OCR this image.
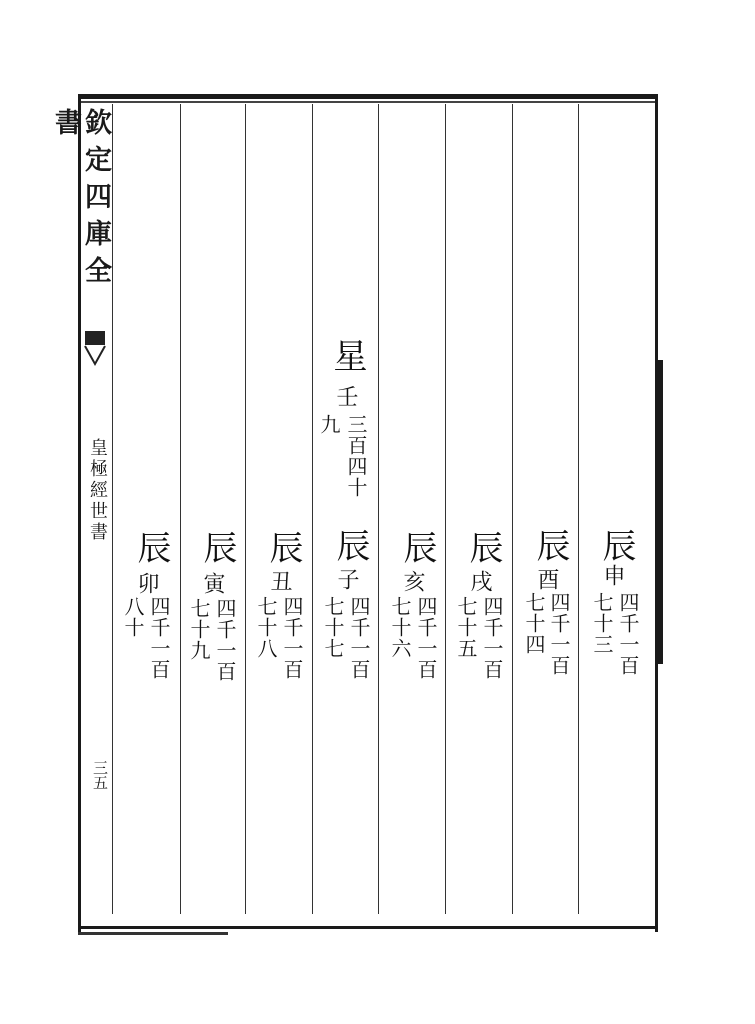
欽定四庫全書
皇極經世書
三五
星
壬
三百四十
九
辰
申
四千一百
七十三
辰
酉
四千一百
七十四
辰
戌
四千一百
七十五
辰
亥
四千一百
七十六
辰
子
四千一百
七十七
辰
丑
四千一百
七十八
辰
寅
四千一百
七十九
辰
卯
四千一百
八十
